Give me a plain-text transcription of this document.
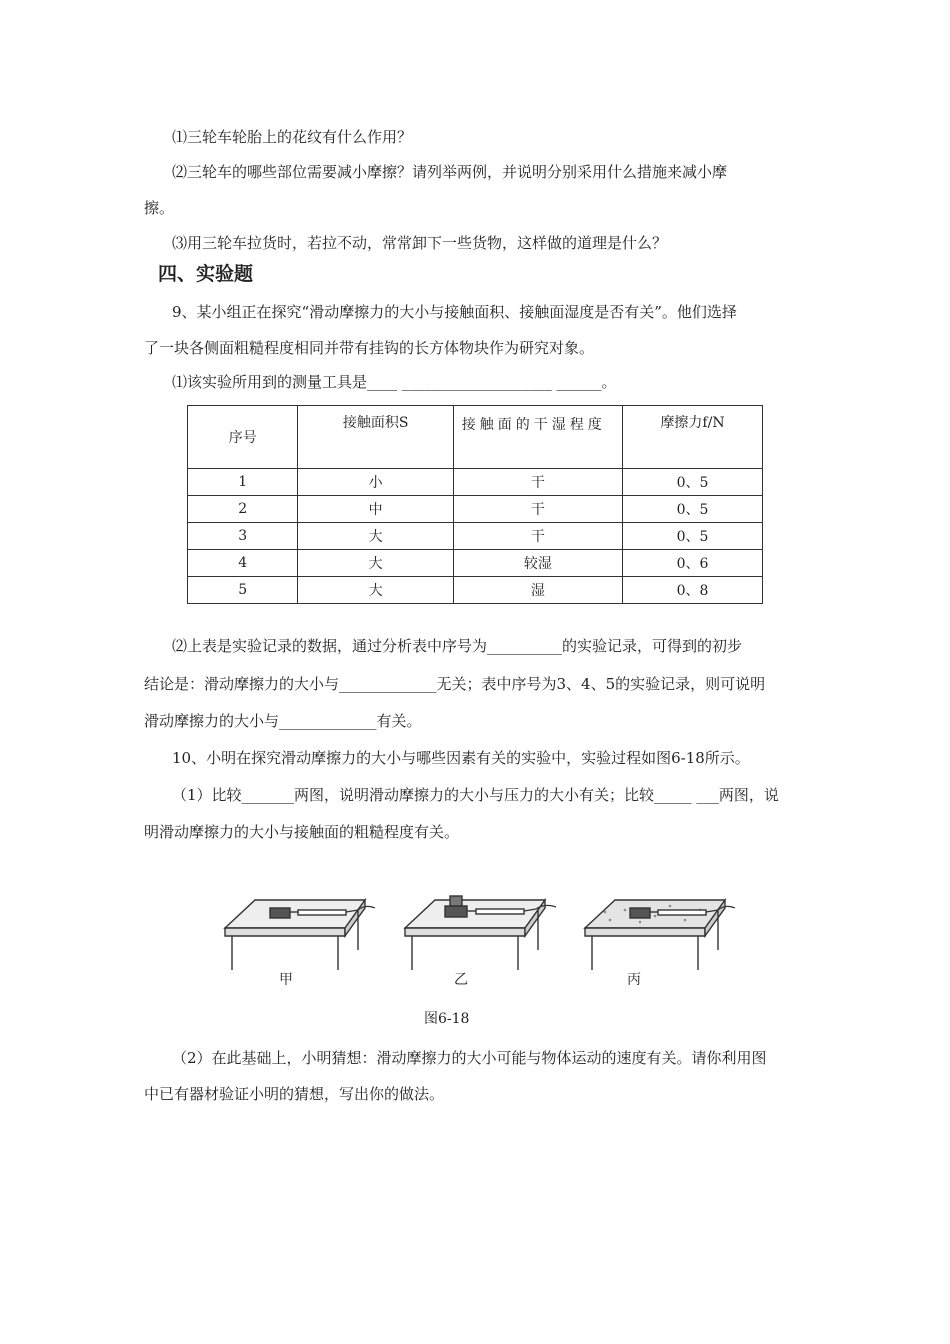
⑴三轮车轮胎上的花纹有什么作用？
⑵三轮车的哪些部位需要减小摩擦？请列举两例，并说明分别采用什么措施来减小摩
擦。
⑶用三轮车拉货时，若拉不动，常常卸下一些货物，这样做的道理是什么？
四、实验题
9、某小组正在探究“滑动摩擦力的大小与接触面积、接触面湿度是否有关”。他们选择
了一块各侧面粗糙程度相同并带有挂钩的长方体物块作为研究对象。
⑴该实验所用到的测量工具是____ ____________________ ______。
序号	接触面积S	接触面的干湿程度	摩擦力f/N
1	小	干	0、5
2	中	干	0、5
3	大	干	0、5
4	大	较湿	0、6
5	大	湿	0、8
⑵上表是实验记录的数据，通过分析表中序号为__________的实验记录，可得到的初步
结论是：滑动摩擦力的大小与_____________无关；表中序号为3、4、5的实验记录，则可说明
滑动摩擦力的大小与_____________有关。
10、小明在探究滑动摩擦力的大小与哪些因素有关的实验中，实验过程如图6-18所示。
（1）比较_______两图，说明滑动摩擦力的大小与压力的大小有关；比较_____ ___两图，说
明滑动摩擦力的大小与接触面的粗糙程度有关。
甲	乙	丙
图6-18
（2）在此基础上，小明猜想：滑动摩擦力的大小可能与物体运动的速度有关。请你利用图
中已有器材验证小明的猜想，写出你的做法。
